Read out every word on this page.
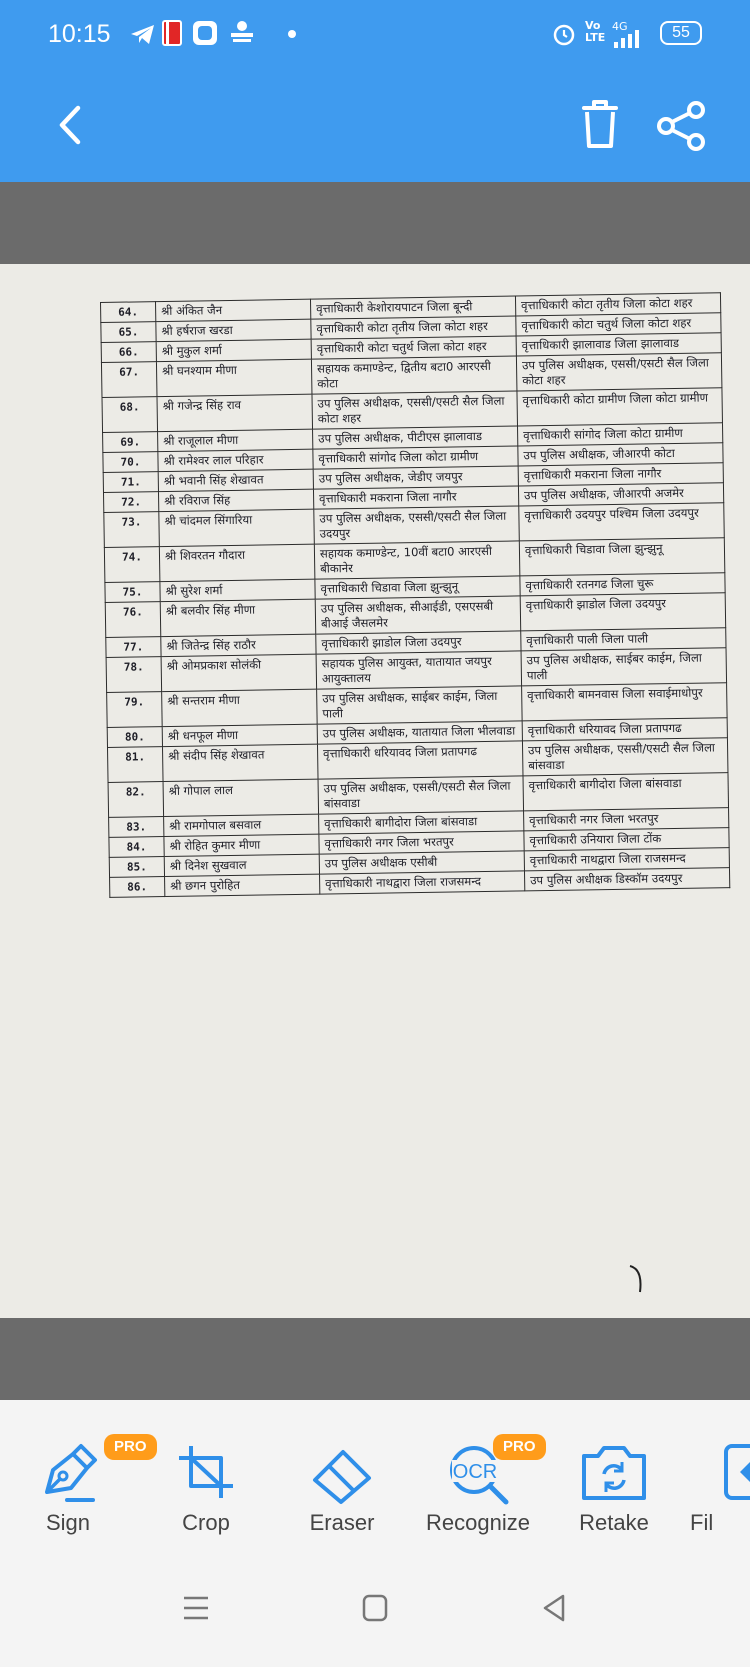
10:15	Vo LTE
4G	55
64.	श्री अंकित जैन	वृत्ताधिकारी केशोरायपाटन जिला बून्दी	वृत्ताधिकारी कोटा तृतीय जिला कोटा शहर
65.	श्री हर्षराज खरडा	वृत्ताधिकारी कोटा तृतीय जिला कोटा शहर	वृत्ताधिकारी कोटा चतुर्थ जिला कोटा शहर
66.	श्री मुकुल शर्मा	वृत्ताधिकारी कोटा चतुर्थ जिला कोटा शहर	वृत्ताधिकारी झालावाड जिला झालावाड
67.	श्री घनश्याम मीणा	सहायक कमाण्डेन्ट, द्वितीय बटा0 आरएसी कोटा	उप पुलिस अधीक्षक, एससी/एसटी सैल जिला कोटा शहर
68.	श्री गजेन्द्र सिंह राव	उप पुलिस अधीक्षक, एससी/एसटी सैल जिला कोटा शहर	वृत्ताधिकारी कोटा ग्रामीण जिला कोटा ग्रामीण
69.	श्री राजूलाल मीणा	उप पुलिस अधीक्षक, पीटीएस झालावाड	वृत्ताधिकारी सांगोद जिला कोटा ग्रामीण
70.	श्री रामेश्वर लाल परिहार	वृत्ताधिकारी सांगोद जिला कोटा ग्रामीण	उप पुलिस अधीक्षक, जीआरपी कोटा
71.	श्री भवानी सिंह शेखावत	उप पुलिस अधीक्षक, जेडीए जयपुर	वृत्ताधिकारी मकराना जिला नागौर
72.	श्री रविराज सिंह	वृत्ताधिकारी मकराना जिला नागौर	उप पुलिस अधीक्षक, जीआरपी अजमेर
73.	श्री चांदमल सिंगारिया	उप पुलिस अधीक्षक, एससी/एसटी सैल जिला उदयपुर	वृत्ताधिकारी उदयपुर पश्चिम जिला उदयपुर
74.	श्री शिवरतन गौदारा	सहायक कमाण्डेन्ट, 10वीं बटा0 आरएसी बीकानेर	वृत्ताधिकारी चिडावा जिला झुन्झुनू
75.	श्री सुरेश शर्मा	वृत्ताधिकारी चिडावा जिला झुन्झुनू	वृत्ताधिकारी रतनगढ जिला चुरू
76.	श्री बलवीर सिंह मीणा	उप पुलिस अधीक्षक, सीआईडी, एसएसबी बीआई जैसलमेर	वृत्ताधिकारी झाडोल जिला उदयपुर
77.	श्री जितेन्द्र सिंह राठौर	वृत्ताधिकारी झाडोल जिला उदयपुर	वृत्ताधिकारी पाली जिला पाली
78.	श्री ओमप्रकाश सोलंकी	सहायक पुलिस आयुक्त, यातायात जयपुर आयुक्तालय	उप पुलिस अधीक्षक, साईबर काईम, जिला पाली
79.	श्री सन्तराम मीणा	उप पुलिस अधीक्षक, साईबर काईम, जिला पाली	वृत्ताधिकारी बामनवास जिला सवाईमाधोपुर
80.	श्री धनफूल मीणा	उप पुलिस अधीक्षक, यातायात जिला भीलवाडा	वृत्ताधिकारी धरियावद जिला प्रतापगढ
81.	श्री संदीप सिंह शेखावत	वृत्ताधिकारी धरियावद जिला प्रतापगढ	उप पुलिस अधीक्षक, एससी/एसटी सैल जिला बांसवाडा
82.	श्री गोपाल लाल	उप पुलिस अधीक्षक, एससी/एसटी सैल जिला बांसवाडा	वृत्ताधिकारी बागीदोरा जिला बांसवाडा
83.	श्री रामगोपाल बसवाल	वृत्ताधिकारी बागीदोरा जिला बांसवाडा	वृत्ताधिकारी नगर जिला भरतपुर
84.	श्री रोहित कुमार मीणा	वृत्ताधिकारी नगर जिला भरतपुर	वृत्ताधिकारी उनियारा जिला टोंक
85.	श्री दिनेश सुखवाल	उप पुलिस अधीक्षक एसीबी	वृत्ताधिकारी नाथद्वारा जिला राजसमन्द
86.	श्री छगन पुरोहित	वृत्ताधिकारी नाथद्वारा जिला राजसमन्द	उप पुलिस अधीक्षक डिस्कॉम उदयपुर
Sign
PRO
Crop	Eraser
OCR
Recognize
PRO
Retake	Fil
